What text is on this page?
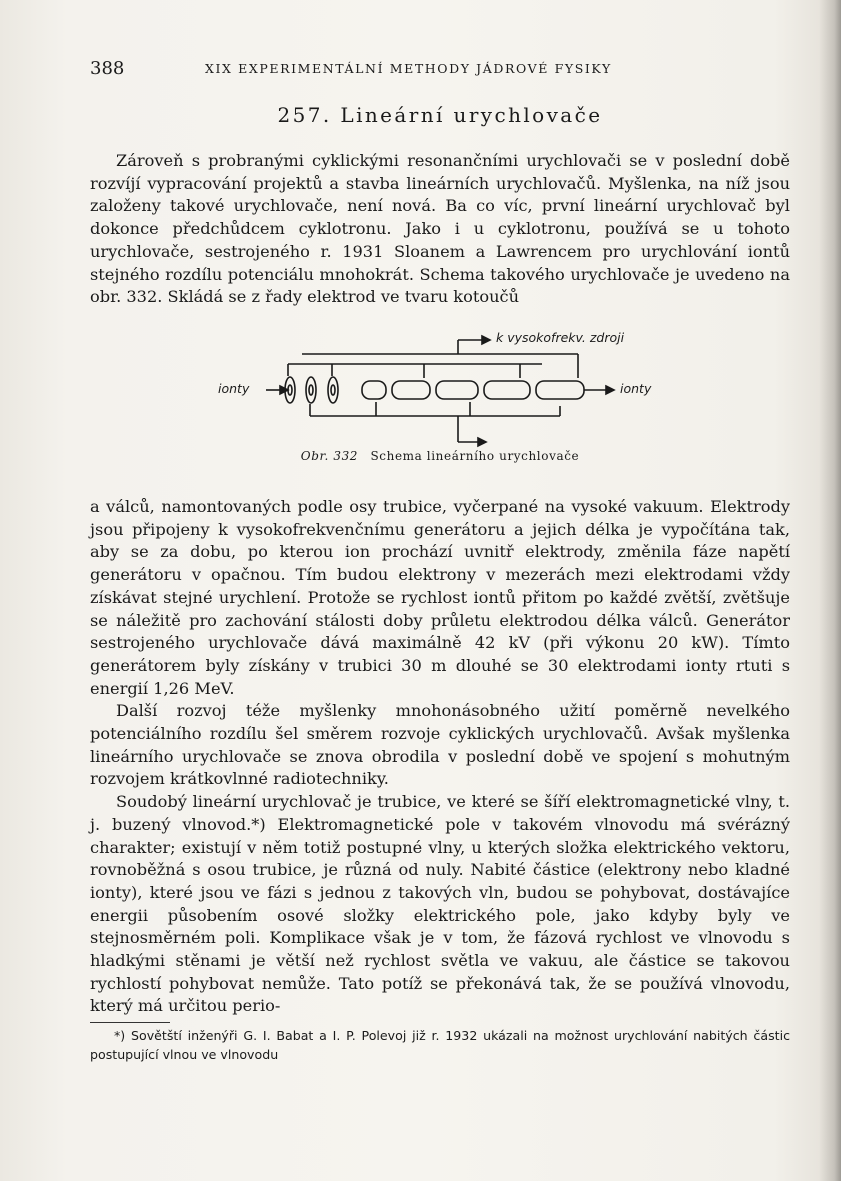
388	XIX EXPERIMENTÁLNÍ METHODY JÁDROVÉ FYSIKY
257. Lineární urychlovače

Zároveň s probranými cyklickými resonančními urychlovači se v poslední době rozvíjí vypracování projektů a stavba lineárních urychlovačů. Myšlenka, na níž jsou založeny takové urychlovače, není nová. Ba co víc, první lineární urychlovač byl dokonce předchůdcem cyklotronu. Jako i u cyklotronu, používá se u tohoto urychlovače, sestrojeného r. 1931 Sloanem a Lawrencem pro urychlování iontů stejného rozdílu potenciálu mnohokrát. Schema takového urychlovače je uvedeno na obr. 332. Skládá se z řady elektrod ve tvaru kotoučů

k vysokofrekv. zdroji
ionty	ionty
Obr. 332 Schema lineárního urychlovače

a válců, namontovaných podle osy trubice, vyčerpané na vysoké vakuum. Elektrody jsou připojeny k vysokofrekvenčnímu generátoru a jejich délka je vypočítána tak, aby se za dobu, po kterou ion prochází uvnitř elektrody, změnila fáze napětí generátoru v opačnou. Tím budou elektrony v mezerách mezi elektrodami vždy získávat stejné urychlení. Protože se rychlost iontů přitom po každé zvětší, zvětšuje se náležitě pro zachování stálosti doby průletu elektrodou délka válců. Generátor sestrojeného urychlovače dává maximálně 42 kV (při výkonu 20 kW). Tímto generátorem byly získány v trubici 30 m dlouhé se 30 elektrodami ionty rtuti s energií 1,26 MeV.

Další rozvoj téže myšlenky mnohonásobného užití poměrně nevelkého potenciálního rozdílu šel směrem rozvoje cyklických urychlovačů. Avšak myšlenka lineárního urychlovače se znova obrodila v poslední době ve spojení s mohutným rozvojem krátkovlnné radiotechniky.

Soudobý lineární urychlovač je trubice, ve které se šíří elektromagnetické vlny, t. j. buzený vlnovod.*) Elektromagnetické pole v takovém vlnovodu má svérázný charakter; existují v něm totiž postupné vlny, u kterých složka elektrického vektoru, rovnoběžná s osou trubice, je různá od nuly. Nabité částice (elektrony nebo kladné ionty), které jsou ve fázi s jednou z takových vln, budou se pohybovat, dostávajíce energii působením osové složky elektrického pole, jako kdyby byly ve stejnosměrném poli. Komplikace však je v tom, že fázová rychlost ve vlnovodu s hladkými stěnami je větší než rychlost světla ve vakuu, ale částice se takovou rychlostí pohybovat nemůže. Tato potíž se překonává tak, že se používá vlnovodu, který má určitou perio-

*) Sovětští inženýři G. I. Babat a I. P. Polevoj již r. 1932 ukázali na možnost urychlování nabitých částic postupující vlnou ve vlnovodu
